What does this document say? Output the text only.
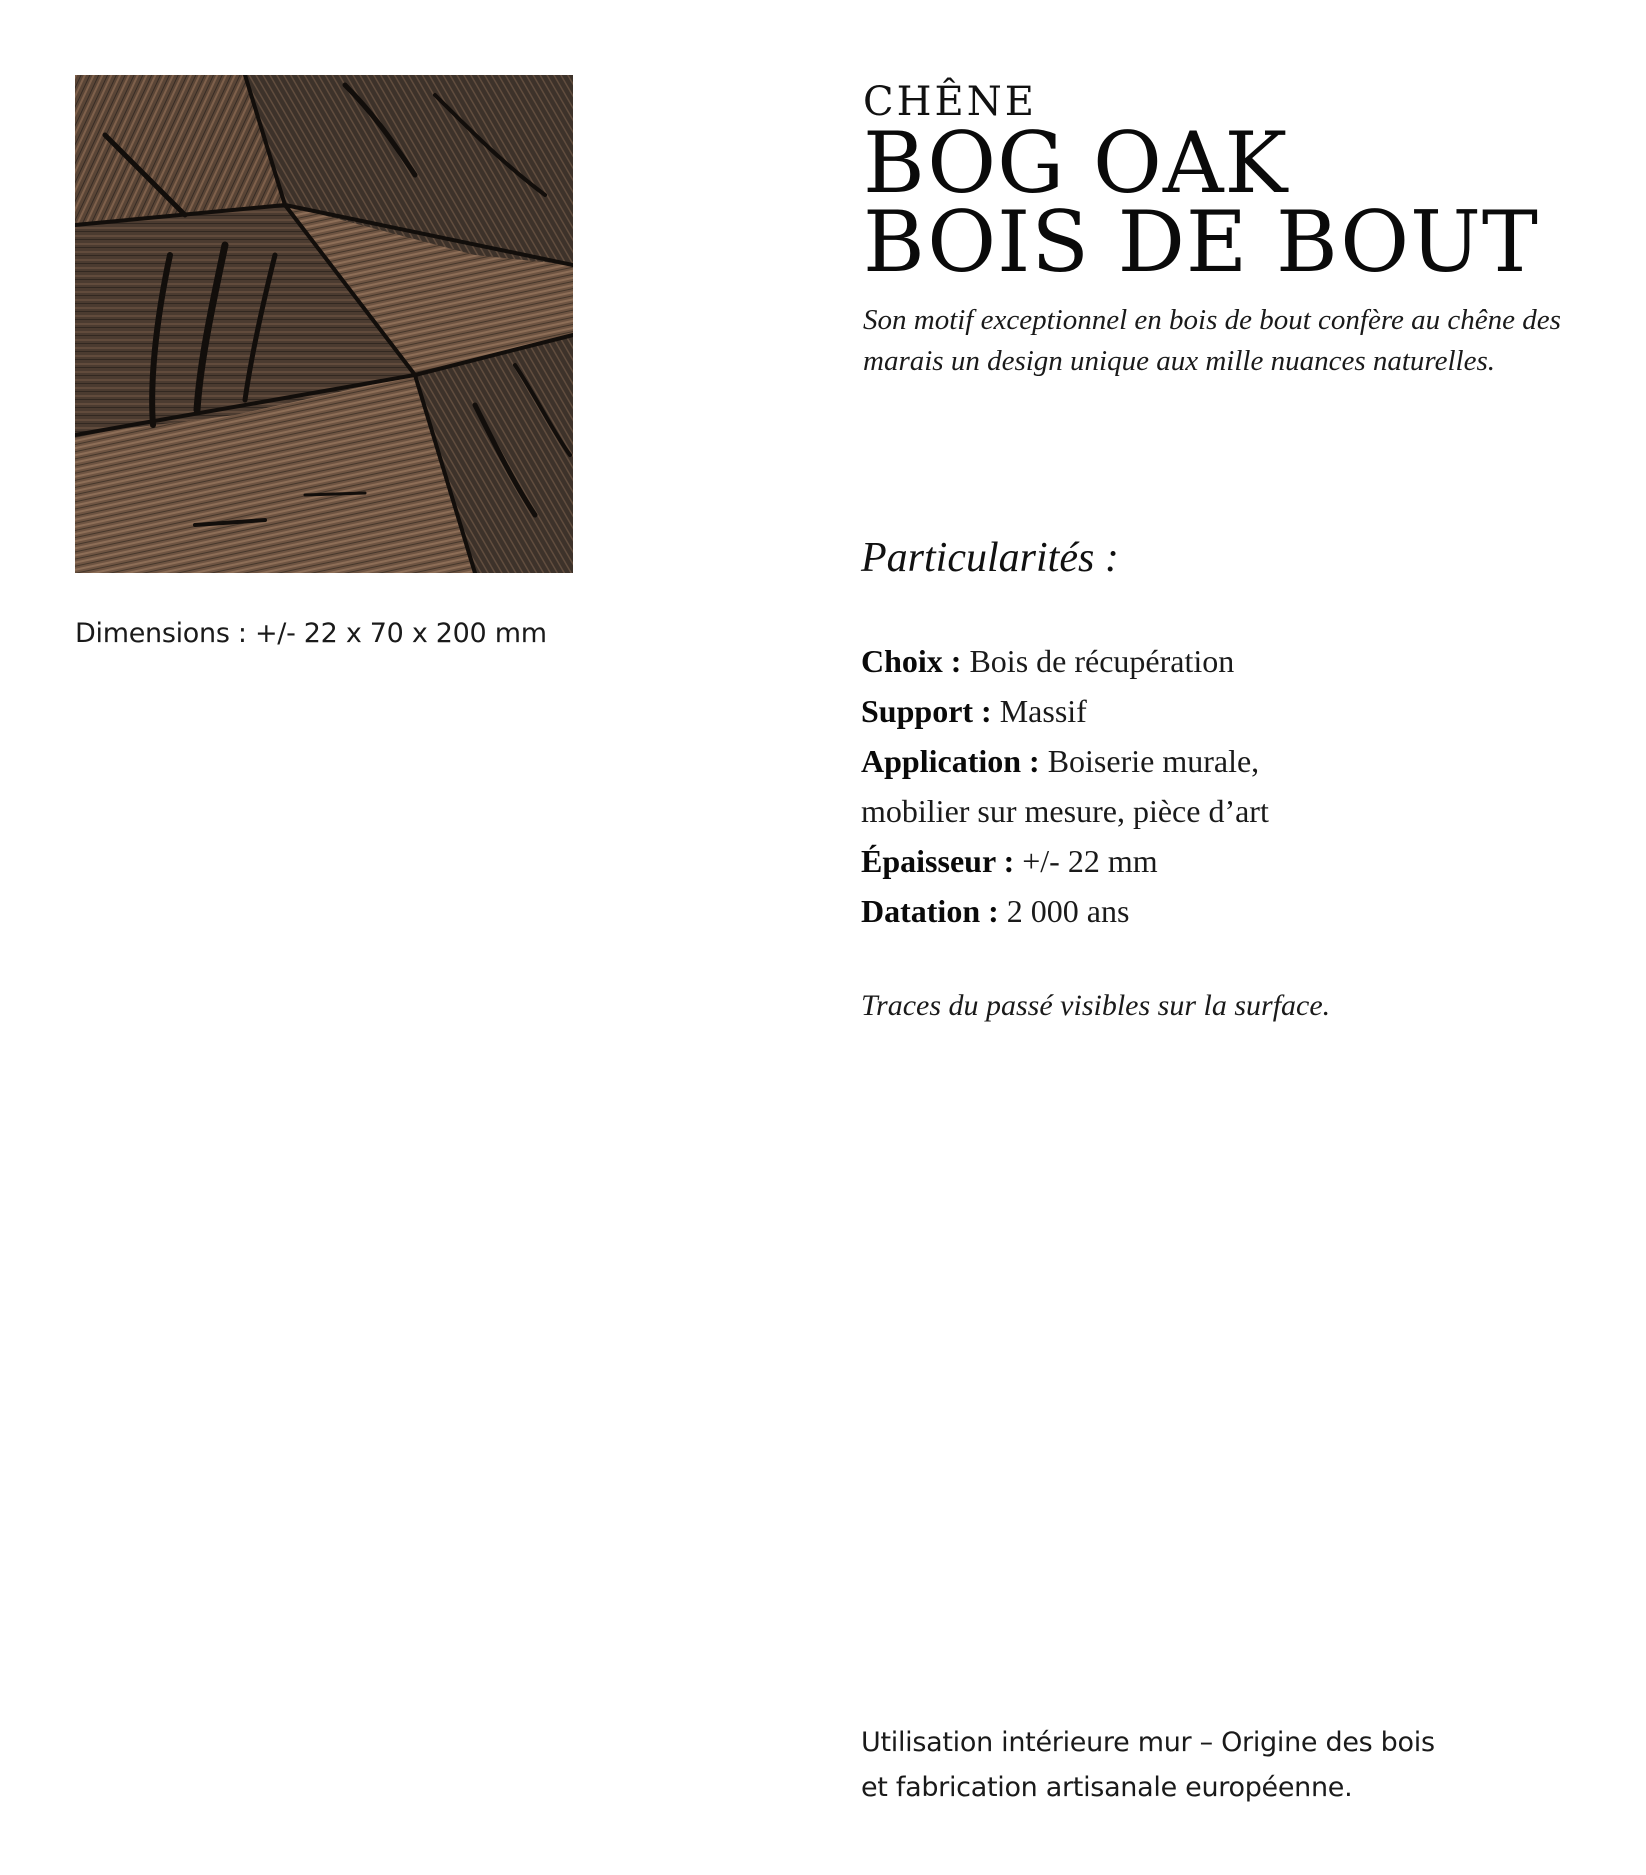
Dimensions : +/- 22 x 70 x 200 mm
CHÊNE
BOG OAK
BOIS DE BOUT

Son motif exceptionnel en bois de bout confère au chêne des marais un design unique aux mille nuances naturelles.

Particularités :
Choix : Bois de récupération
Support : Massif
Application : Boiserie murale, mobilier sur mesure, pièce d’art
Épaisseur : +/- 22 mm
Datation : 2 000 ans

Traces du passé visibles sur la surface.

Utilisation intérieure mur – Origine des bois
et fabrication artisanale européenne.
